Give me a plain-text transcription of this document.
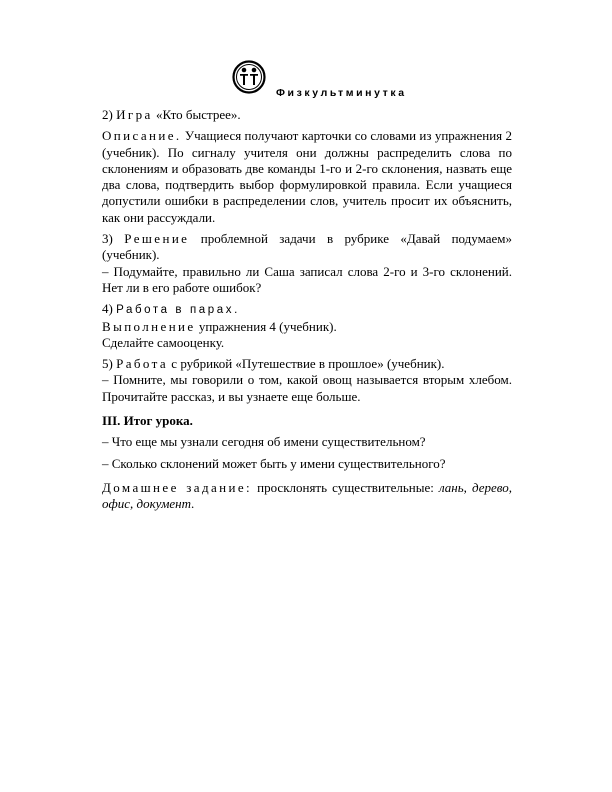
Физкультминутка

2) Игра «Кто быстрее».

Описание. Учащиеся получают карточки со словами из упражнения 2 (учебник). По сигналу учителя они должны распределить слова по склонениям и образовать две команды 1-го и 2-го склонения, назвать еще два слова, подтвердить выбор формулировкой правила. Если учащиеся допустили ошибки в распределении слов, учитель просит их объяснить, как они рассуждали.

3) Решение проблемной задачи в рубрике «Давай подумаем» (учебник).

– Подумайте, правильно ли Саша записал слова 2-го и 3-го склонений. Нет ли в его работе ошибок?

4) Работа в парах.

Выполнение упражнения 4 (учебник).

Сделайте самооценку.

5) Работа с рубрикой «Путешествие в прошлое» (учебник).

– Помните, мы говорили о том, какой овощ называется вторым хлебом. Прочитайте рассказ, и вы узнаете еще больше.

III. Итог урока.

– Что еще мы узнали сегодня об имени существительном?

– Сколько склонений может быть у имени существительного?

Домашнее задание: просклонять существительные: лань, дерево, офис, документ.
